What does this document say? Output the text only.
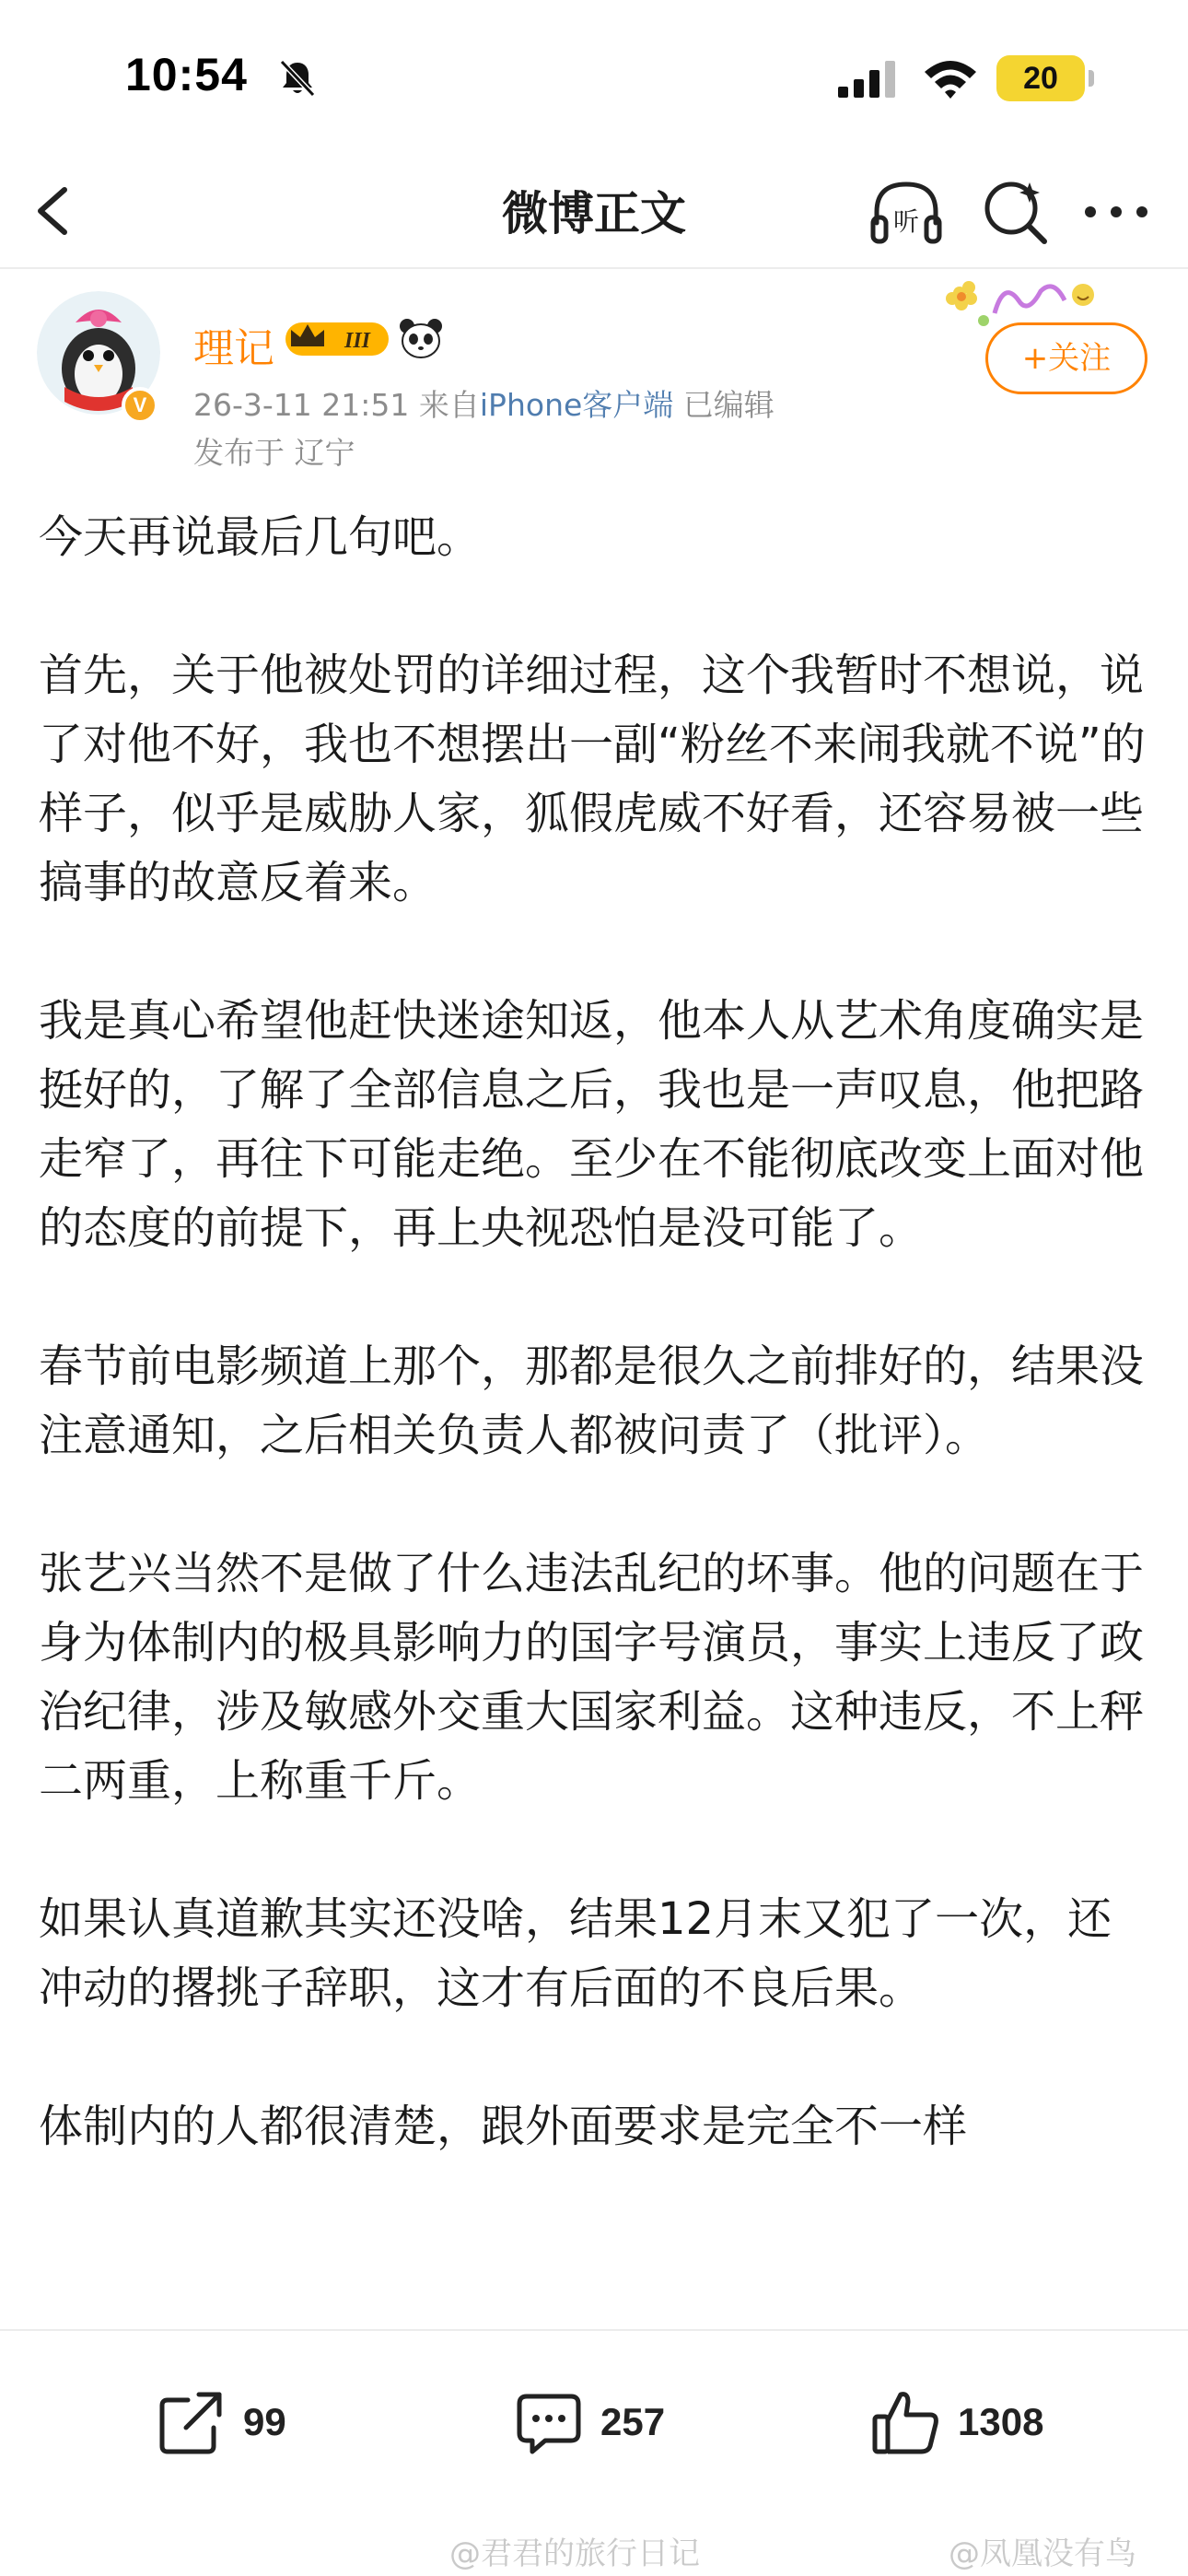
10:54	20
微博正文	听
V
理记	III
26-3-11 21:51 来自iPhone客户端 已编辑
发布于 辽宁
+关注

今天再说最后几句吧。

首先，关于他被处罚的详细过程，这个我暂时不想说，说了对他不好，我也不想摆出一副“粉丝不来闹我就不说”的样子，似乎是威胁人家，狐假虎威不好看，还容易被一些搞事的故意反着来。

我是真心希望他赶快迷途知返，他本人从艺术角度确实是挺好的，了解了全部信息之后，我也是一声叹息，他把路走窄了，再往下可能走绝。至少在不能彻底改变上面对他的态度的前提下，再上央视恐怕是没可能了。

春节前电影频道上那个，那都是很久之前排好的，结果没注意通知，之后相关负责人都被问责了（批评）。

张艺兴当然不是做了什么违法乱纪的坏事。他的问题在于身为体制内的极具影响力的国字号演员，事实上违反了政治纪律，涉及敏感外交重大国家利益。这种违反，不上秤二两重，上称重千斤。

如果认真道歉其实还没啥，结果12月末又犯了一次，还冲动的撂挑子辞职，这才有后面的不良后果。

体制内的人都很清楚，跟外面要求是完全不一样

99	257	1308
@君君的旅行日记	@凤凰没有鸟
